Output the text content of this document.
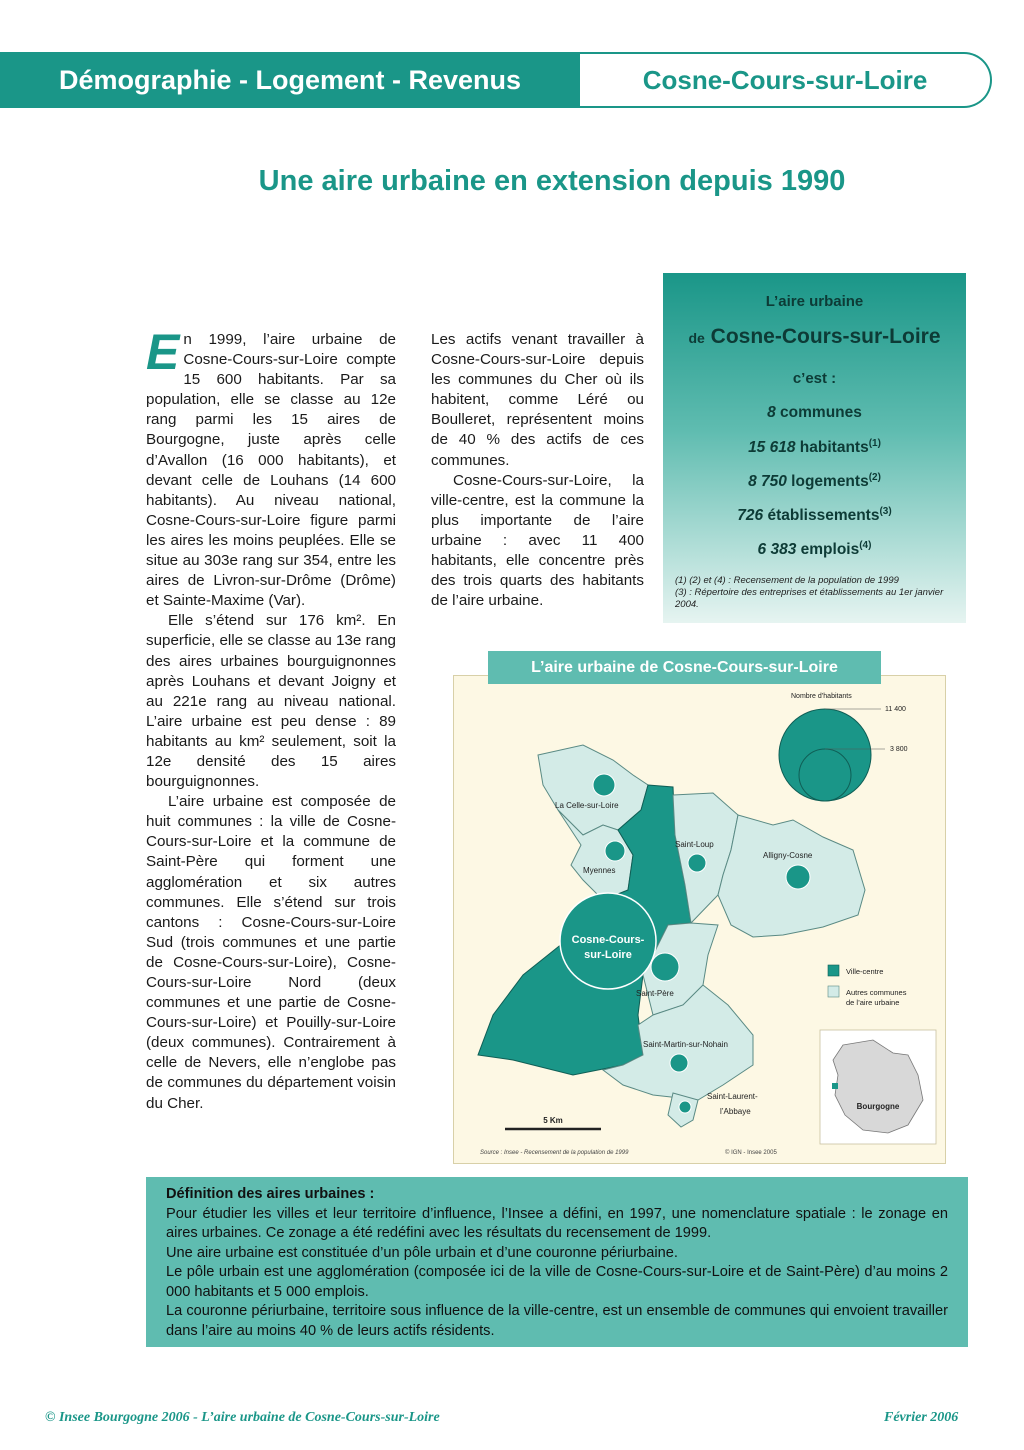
Démographie - Logement - Revenus	Cosne-Cours-sur-Loire
Une aire urbaine en extension depuis 1990

En 1999, l’aire urbaine de Cosne-Cours-sur-Loire compte 15 600 habitants. Par sa population, elle se classe au 12e rang parmi les 15 aires de Bourgogne, juste après celle d’Avallon (16 000 habitants), et devant celle de Louhans (14 600 habitants). Au niveau national, Cosne-Cours-sur-Loire figure parmi les aires les moins peuplées. Elle se situe au 303e rang sur 354, entre les aires de Livron-sur-Drôme (Drôme) et Sainte-Maxime (Var).

Elle s’étend sur 176 km². En superficie, elle se classe au 13e rang des aires urbaines bourguignonnes après Louhans et devant Joigny et au 221e rang au niveau national. L’aire urbaine est peu dense : 89 habitants au km² seulement, soit la 12e densité des 15 aires bourguignonnes.

L’aire urbaine est composée de huit communes : la ville de Cosne-Cours-sur-Loire et la commune de Saint-Père qui forment une agglomération et six autres communes. Elle s’étend sur trois cantons : Cosne-Cours-sur-Loire Sud (trois communes et une partie de Cosne-Cours-sur-Loire), Cosne-Cours-sur-Loire Nord (deux communes et une partie de Cosne-Cours-sur-Loire) et Pouilly-sur-Loire (deux communes). Contrairement à celle de Nevers, elle n’englobe pas de communes du département voisin du Cher.

Les actifs venant travailler à Cosne-Cours-sur-Loire depuis les communes du Cher où ils habitent, comme Léré ou Boulleret, représentent moins de 40 % des actifs de ces communes.

Cosne-Cours-sur-Loire, la ville-centre, est la commune la plus importante de l’aire urbaine : avec 11 400 habitants, elle concentre près des trois quarts des habitants de l’aire urbaine.

L’aire urbaine
de Cosne-Cours-sur-Loire
c’est :
8 communes
15 618 habitants$^{(1)}$
8 750 logements$^{(2)}$
726 établissements$^{(3)}$
6 383 emplois$^{(4)}$
(1) (2) et (4) : Recensement de la population de 1999
(3) : Répertoire des entreprises et établissements au 1er janvier 2004.
La Celle-sur-Loire
Myennes
Saint-Loup
Alligny-Cosne
Cosne-Cours-
sur-Loire
Saint-Père
Saint-Martin-sur-Nohain
Saint-Laurent-
l’Abbaye
Nombre d’habitants
11 400
3 800
Ville-centre
Autres communes
de l’aire urbaine
Bourgogne
5 Km
Source : Insee - Recensement de la population de 1999	© IGN - Insee 2005
L’aire urbaine de Cosne-Cours-sur-Loire
Définition des aires urbaines :

Pour étudier les villes et leur territoire d’influence, l’Insee a défini, en 1997, une nomenclature spatiale : le zonage en aires urbaines. Ce zonage a été redéfini avec les résultats du recensement de 1999.

Une aire urbaine est constituée d’un pôle urbain et d’une couronne périurbaine.

Le pôle urbain est une agglomération (composée ici de la ville de Cosne-Cours-sur-Loire et de Saint-Père) d’au moins 2 000 habitants et 5 000 emplois.

La couronne périurbaine, territoire sous influence de la ville-centre, est un ensemble de communes qui envoient travailler dans l’aire au moins 40 % de leurs actifs résidents.

© Insee Bourgogne 2006 - L’aire urbaine de Cosne-Cours-sur-Loire	Février 2006
